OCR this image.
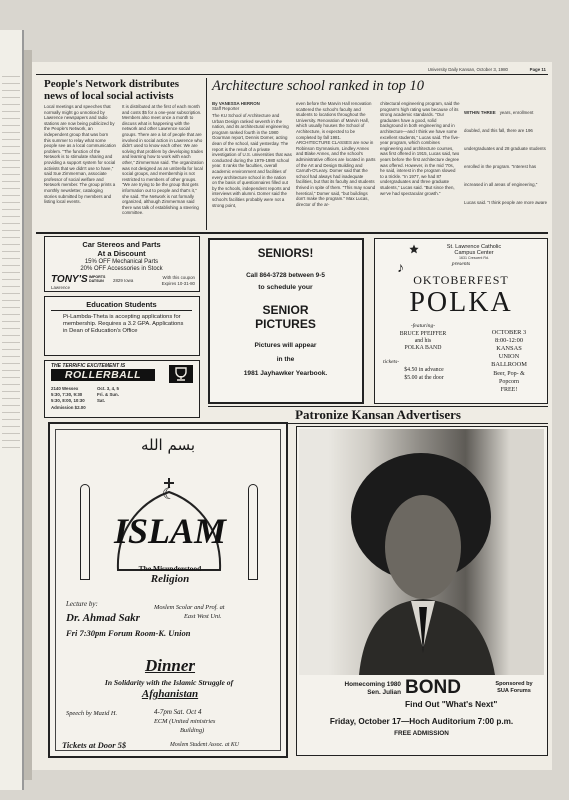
University Daily Kansan, October 3, 1980	Page 11
People's Network distributes news of local social activists
Local meetings and speeches that normally might go unnoticed by Lawrence newspapers and radio stations are now being publicized by the People's Network, an independent group that was born this summer to relay what some people see as a local communication problem. "The function of the Network is to stimulate sharing and providing a support system for social activists that we didn't use to have," said Sue Zimmerman, associate professor of social welfare and Network member. The group prints a monthly newsletter, cataloging stories submitted by members and listing local events.
It is distributed at the first of each month and costs $5 for a one-year subscription. Members also meet once a month to discuss what is happening with the network and other Lawrence social groups. There are a lot of people that are involved in social action in Lawrence who didn't used to know each other. We are solving that problem by developing trades and learning how to work with each other," Zimmerman said. The organization was not designed as an umbrella for local social groups, and membership is not restricted to members of other groups. "We are trying to be the group that gets information out to people and that's it," she said. The Network is not formally organized, although Zimmerman said there was talk of establishing a steering committee.
Architecture school ranked in top 10
By VANESSA HERRON
Staff Reporter
The KU School of Architecture and Urban Design ranked seventh in the nation, and its architectural engineering program ranked fourth in the 1980 Gourman report, Dennis Domer, acting dean of the school, said yesterday. The report is the result of a private investigation of U.S. universities that was conducted during the 1979-1980 school year. It ranks the faculties, overall academic environment and facilities of every architecture school in the nation on the basis of questionnaires filled out by the schools, independent reports and interviews with alumni. Domer said the school's facilities probably were not a strong point,
even before the Marvin Hall renovation scattered the school's faculty and students to locations throughout the University. Renovation of Marvin Hall, which usually houses the School of Architecture, is expected to be completed by fall 1981. ARCHITECTURE CLASSES are now in Robinson Gymnasium, Lindley Annex and Blake Annex, and the school's administrative offices are located in parts of the Art and Design Building and Carruth-O'Leary. Domer said that the school had always had inadequate facilities, but that its faculty and students thrived in spite of them. "This may sound heretical," Domer said, "but buildings don't make the program." Max Lucas, director of the ar-
chitectural engineering program, said the program's high rating was because of its strong academic standards. "Our graduates have a good, solid background in both engineering and in architecture—and I think we have some excellent students," Lucas said. The five-year program, which combines engineering and architecture courses, was first offered in 1915, Lucas said, two years before the first architecture degree was offered. However, in the mid '70s, he said, interest in the program slowed to a trickle. "In 1977, we had 87 undergraduates and three graduate students," Lucas said. "But since then, we've had spectacular growth."
WITHIN THREE years, enrollment doubled, and this fall, there are 196 undergraduates and 28 graduate students enrolled in the program. "Interest has increased in all areas of engineering," Lucas said. "I think people are more aware
Car Stereos and Parts
At a Discount
15% OFF Mechanical Parts
20% OFF Accessories in Stock
TONY'S IMPORTS DATSUN	2829 Iowa
Lawrence
With this coupon
Expires 10-31-80
Education Students
Pi-Lambda-Theta is accepting applications for membership. Requires a 3.2 GPA. Applications in Dean of Education's Office
THE TERRIFIC EXCITEMENT IS
ROLLERBALL
2140 Wessex	Oct. 3, 4, 5
5:30, 7:30, 9:30	Fri. & Sun.
5:30, 8:00, 10:30	Sat.
Admission $2.00
SENIORS!
Call 864-3728 between 9-5
to schedule your
SENIOR
PICTURES
Pictures will appear
in the
1981 Jayhawker Yearbook.
St. Lawrence Catholic
Campus Center
1631 Crescent Rd.
presents
♪
OKTOBERFEST
POLKA
-featuring-
BRUCE PFEIFFER
and his
POLKA BAND
OCTOBER 3
8:00-12:00
KANSAS
UNION
BALLROOM
tickets-
$4.50 in advance
$5.00 at the door
Beer, Pop- &
Popcorn
FREE!
Patronize Kansan Advertisers
بسم الله
ISLAM
☾
The Misunderstood
Religion
Lecture by:
Dr. Ahmad Sakr
Moslem Scolar and Prof. at
East West Uni.
Fri 7:30pm Forum Room-K. Union
Dinner
In Solidarity with the Islamic Struggle of
Afghanistan
Speech by Mazid H.	4-7pm Sat. Oct 4
ECM (United ministries
Building)
Tickets at Door 5$	Moslem Student Assoc. at KU
Homecoming 1980
Sen. Julian BOND
Find Out "What's Next"
Sponsored by
SUA Forums
Friday, October 17—Hoch Auditorium 7:00 p.m.
FREE ADMISSION
